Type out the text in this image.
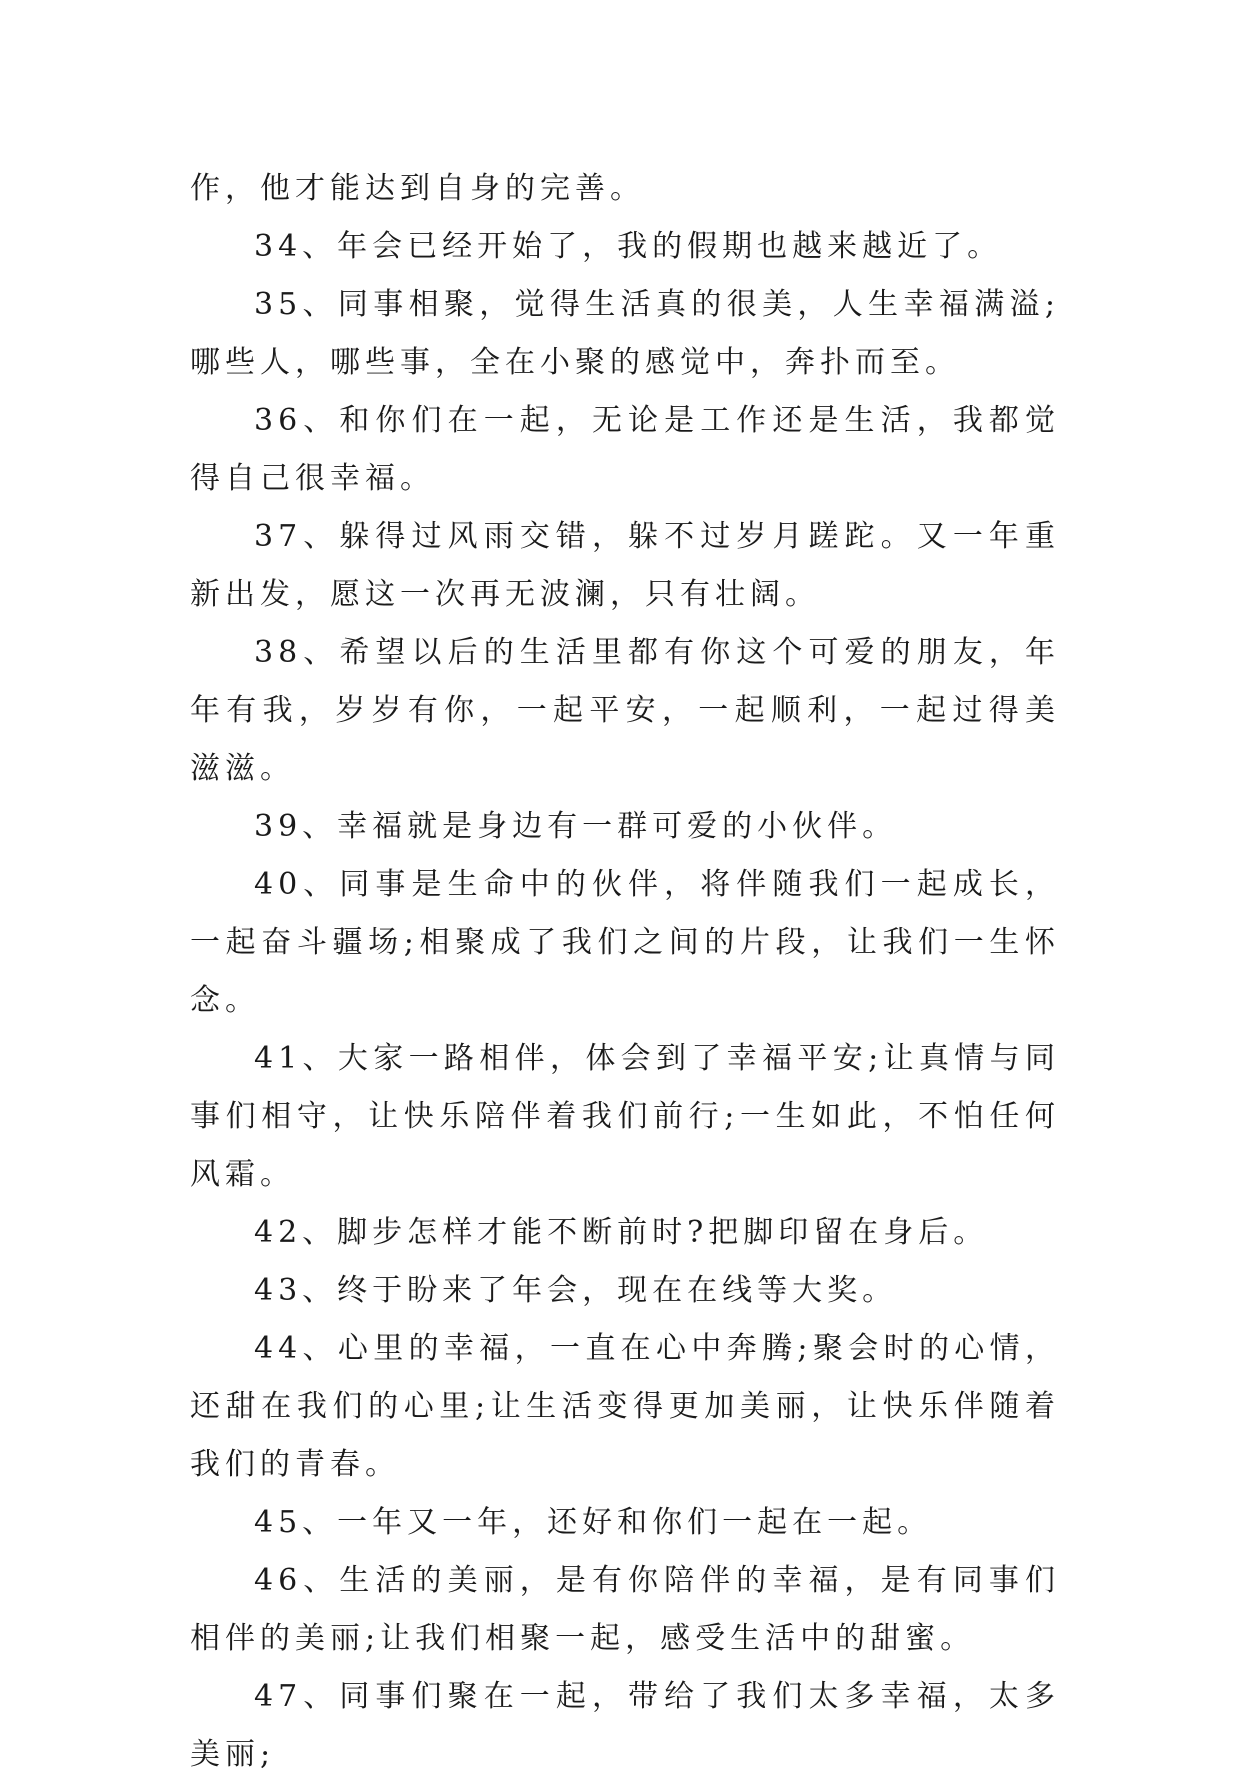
作，他才能达到自身的完善。

34、年会已经开始了，我的假期也越来越近了。

35、同事相聚，觉得生活真的很美，人生幸福满溢;哪些人，哪些事，全在小聚的感觉中，奔扑而至。

36、和你们在一起，无论是工作还是生活，我都觉得自己很幸福。

37、躲得过风雨交错，躲不过岁月蹉跎。又一年重新出发，愿这一次再无波澜，只有壮阔。

38、希望以后的生活里都有你这个可爱的朋友，年年有我，岁岁有你，一起平安，一起顺利，一起过得美滋滋。

39、幸福就是身边有一群可爱的小伙伴。

40、同事是生命中的伙伴，将伴随我们一起成长，一起奋斗疆场;相聚成了我们之间的片段，让我们一生怀念。

41、大家一路相伴，体会到了幸福平安;让真情与同事们相守，让快乐陪伴着我们前行;一生如此，不怕任何风霜。

42、脚步怎样才能不断前时?把脚印留在身后。

43、终于盼来了年会，现在在线等大奖。

44、心里的幸福，一直在心中奔腾;聚会时的心情，还甜在我们的心里;让生活变得更加美丽，让快乐伴随着我们的青春。

45、一年又一年，还好和你们一起在一起。

46、生活的美丽，是有你陪伴的幸福，是有同事们相伴的美丽;让我们相聚一起，感受生活中的甜蜜。

47、同事们聚在一起，带给了我们太多幸福，太多美丽;
